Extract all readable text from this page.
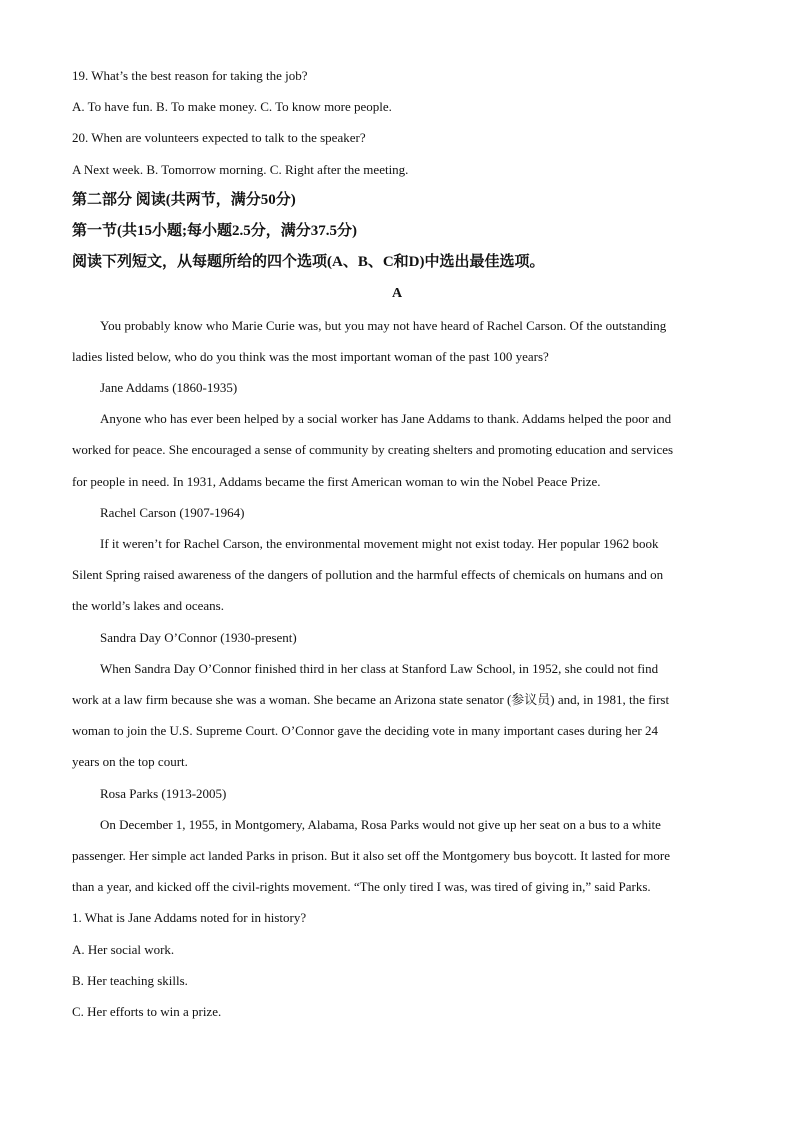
19. What’s the best reason for taking the job?
A. To have fun. B. To make money. C. To know more people.
20. When are volunteers expected to talk to the speaker?
A Next week. B. Tomorrow morning. C. Right after the meeting.
第二部分 阅读(共两节，满分50分)
第一节(共15小题;每小题2.5分，满分37.5分)
阅读下列短文，从每题所给的四个选项(A、B、C和D)中选出最佳选项。
A
You probably know who Marie Curie was, but you may not have heard of Rachel Carson. Of the outstanding
ladies listed below, who do you think was the most important woman of the past 100 years?
Jane Addams (1860-1935)
Anyone who has ever been helped by a social worker has Jane Addams to thank. Addams helped the poor and
worked for peace. She encouraged a sense of community by creating shelters and promoting education and services
for people in need. In 1931, Addams became the first American woman to win the Nobel Peace Prize.
Rachel Carson (1907-1964)
If it weren’t for Rachel Carson, the environmental movement might not exist today. Her popular 1962 book
Silent Spring raised awareness of the dangers of pollution and the harmful effects of chemicals on humans and on
the world’s lakes and oceans.
Sandra Day O’Connor (1930-present)
When Sandra Day O’Connor finished third in her class at Stanford Law School, in 1952, she could not find
work at a law firm because she was a woman. She became an Arizona state senator (参议员) and, in 1981, the first
woman to join the U.S. Supreme Court. O’Connor gave the deciding vote in many important cases during her 24
years on the top court.
Rosa Parks (1913-2005)
On December 1, 1955, in Montgomery, Alabama, Rosa Parks would not give up her seat on a bus to a white
passenger. Her simple act landed Parks in prison. But it also set off the Montgomery bus boycott. It lasted for more
than a year, and kicked off the civil-rights movement. “The only tired I was, was tired of giving in,” said Parks.
1. What is Jane Addams noted for in history?
A. Her social work.
B. Her teaching skills.
C. Her efforts to win a prize.
